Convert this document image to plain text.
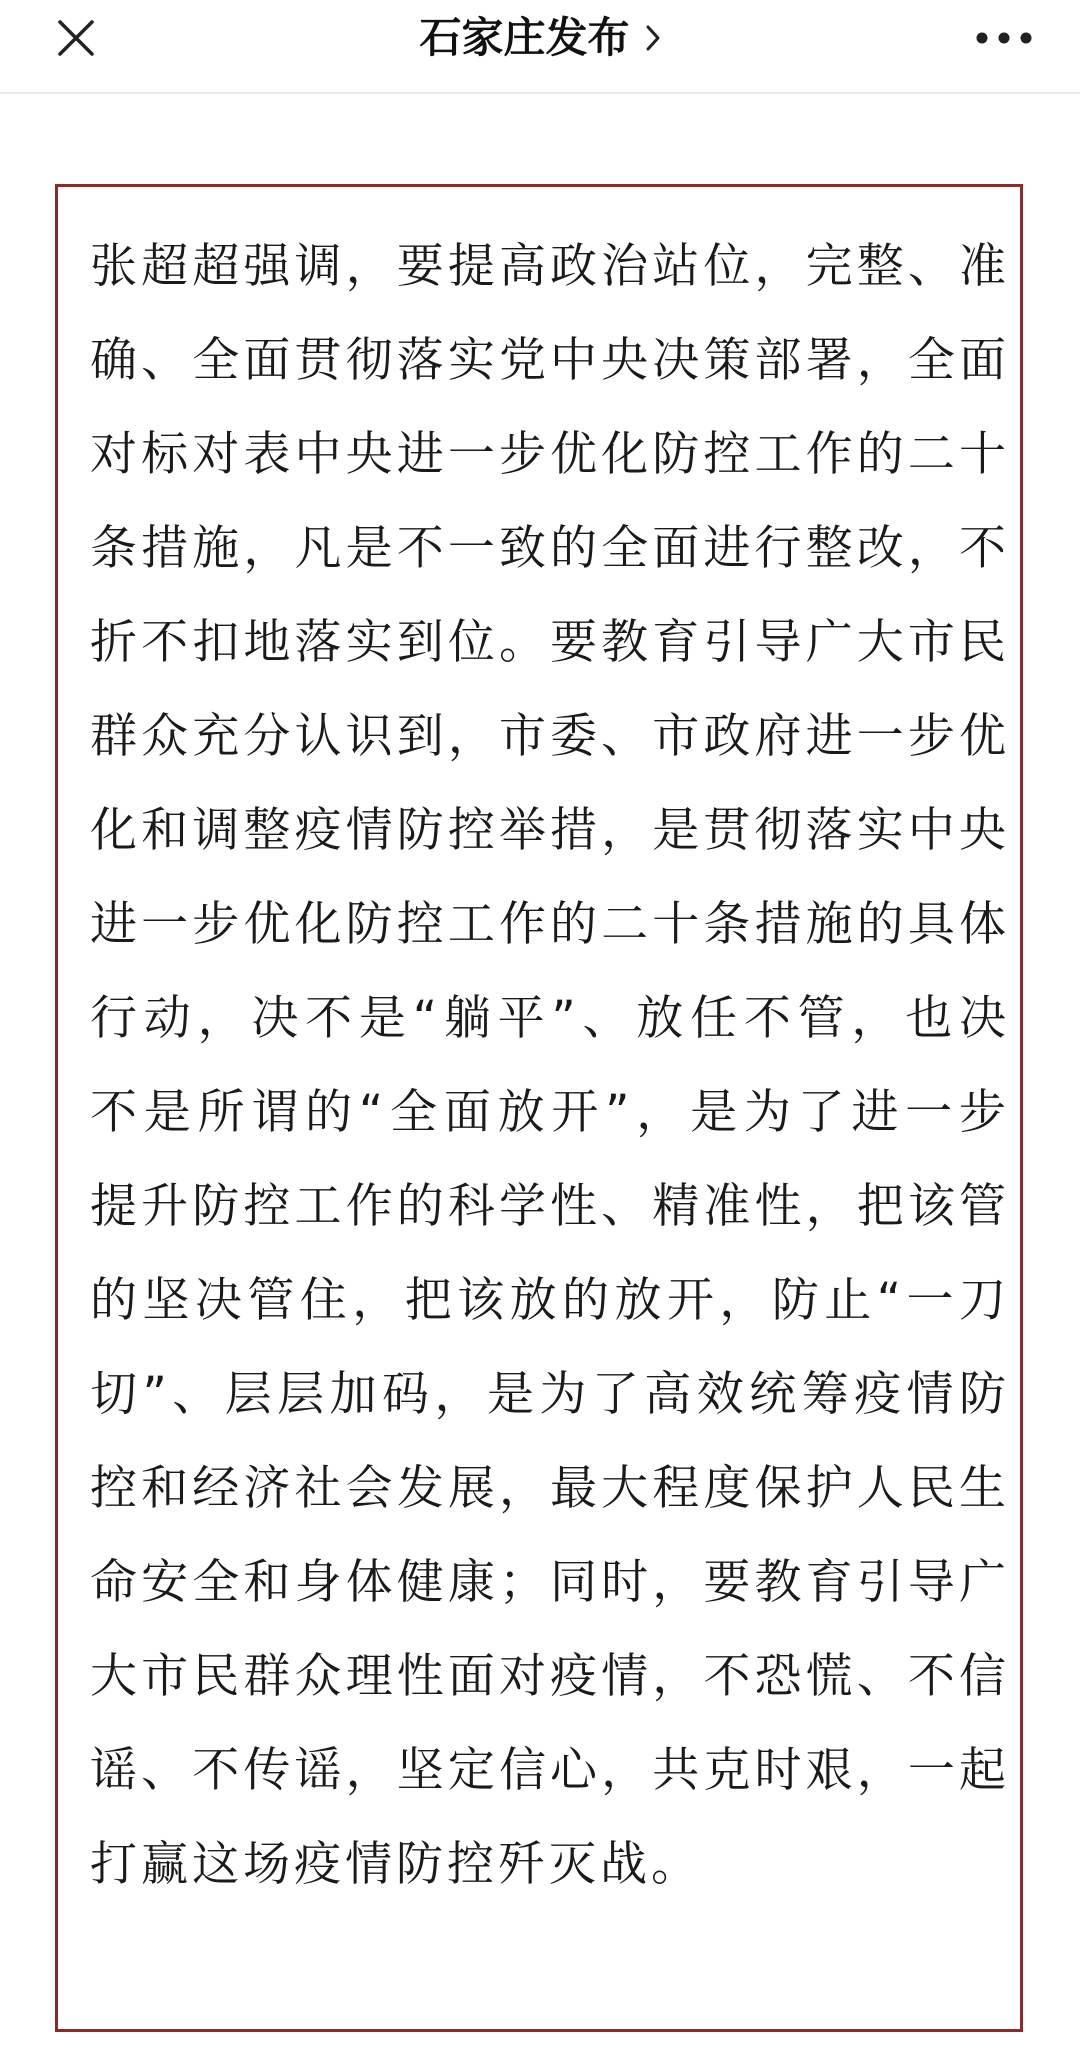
石家庄发布

张超超强调，要提高政治站位，完整、准确、全面贯彻落实党中央决策部署，全面对标对表中央进一步优化防控工作的二十条措施，凡是不一致的全面进行整改，不折不扣地落实到位。要教育引导广大市民群众充分认识到，市委、市政府进一步优化和调整疫情防控举措，是贯彻落实中央进一步优化防控工作的二十条措施的具体行动，决不是“躺平”、放任不管，也决不是所谓的“全面放开”，是为了进一步提升防控工作的科学性、精准性，把该管的坚决管住，把该放的放开，防止“一刀切”、层层加码，是为了高效统筹疫情防控和经济社会发展，最大程度保护人民生命安全和身体健康；同时，要教育引导广大市民群众理性面对疫情，不恐慌、不信谣、不传谣，坚定信心，共克时艰，一起打赢这场疫情防控歼灭战。
